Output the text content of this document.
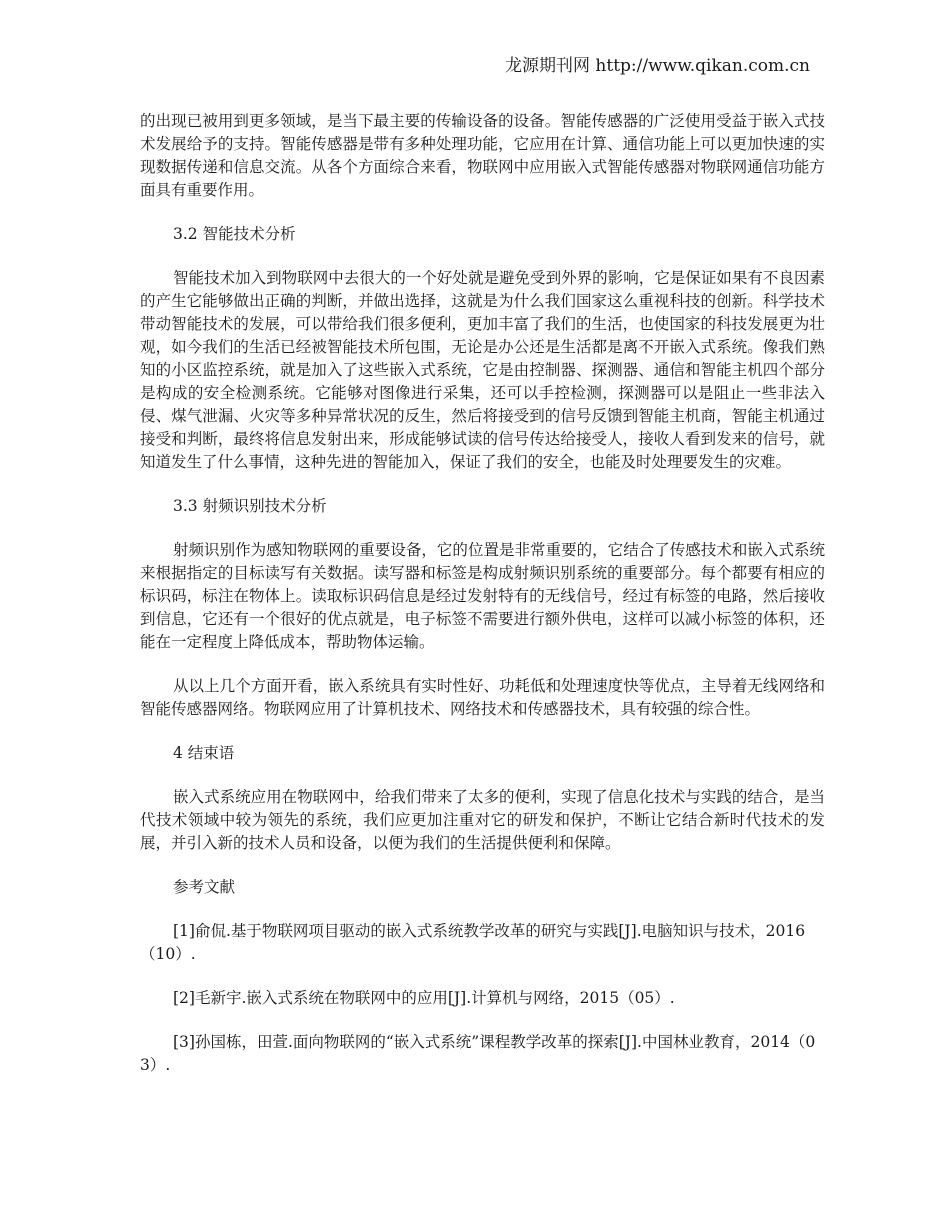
龙源期刊网 http://www.qikan.com.cn

的出现已被用到更多领域，是当下最主要的传输设备的设备。智能传感器的广泛使用受益于嵌入式技术发展给予的支持。智能传感器是带有多种处理功能，它应用在计算、通信功能上可以更加快速的实现数据传递和信息交流。从各个方面综合来看，物联网中应用嵌入式智能传感器对物联网通信功能方面具有重要作用。

3.2 智能技术分析

智能技术加入到物联网中去很大的一个好处就是避免受到外界的影响，它是保证如果有不良因素的产生它能够做出正确的判断，并做出选择，这就是为什么我们国家这么重视科技的创新。科学技术带动智能技术的发展，可以带给我们很多便利，更加丰富了我们的生活，也使国家的科技发展更为壮观，如今我们的生活已经被智能技术所包围，无论是办公还是生活都是离不开嵌入式系统。像我们熟知的小区监控系统，就是加入了这些嵌入式系统，它是由控制器、探测器、通信和智能主机四个部分是构成的安全检测系统。它能够对图像进行采集，还可以手控检测，探测器可以是阻止一些非法入侵、煤气泄漏、火灾等多种异常状况的反生，然后将接受到的信号反馈到智能主机商，智能主机通过接受和判断，最终将信息发射出来，形成能够试读的信号传达给接受人，接收人看到发来的信号，就知道发生了什么事情，这种先进的智能加入，保证了我们的安全，也能及时处理要发生的灾难。

3.3 射频识别技术分析

射频识别作为感知物联网的重要设备，它的位置是非常重要的，它结合了传感技术和嵌入式系统来根据指定的目标读写有关数据。读写器和标签是构成射频识别系统的重要部分。每个都要有相应的标识码，标注在物体上。读取标识码信息是经过发射特有的无线信号，经过有标签的电路，然后接收到信息，它还有一个很好的优点就是，电子标签不需要进行额外供电，这样可以减小标签的体积，还能在一定程度上降低成本，帮助物体运输。

从以上几个方面开看，嵌入系统具有实时性好、功耗低和处理速度快等优点，主导着无线网络和智能传感器网络。物联网应用了计算机技术、网络技术和传感器技术，具有较强的综合性。

4 结束语

嵌入式系统应用在物联网中，给我们带来了太多的便利，实现了信息化技术与实践的结合，是当代技术领域中较为领先的系统，我们应更加注重对它的研发和保护，不断让它结合新时代技术的发展，并引入新的技术人员和设备，以便为我们的生活提供便利和保障。

参考文献

[1]俞侃.基于物联网项目驱动的嵌入式系统教学改革的研究与实践[J].电脑知识与技术，2016（10）.

[2]毛新宇.嵌入式系统在物联网中的应用[J].计算机与网络，2015（05）.

[3]孙国栋，田萱.面向物联网的“嵌入式系统”课程教学改革的探索[J].中国林业教育，2014（03）.
